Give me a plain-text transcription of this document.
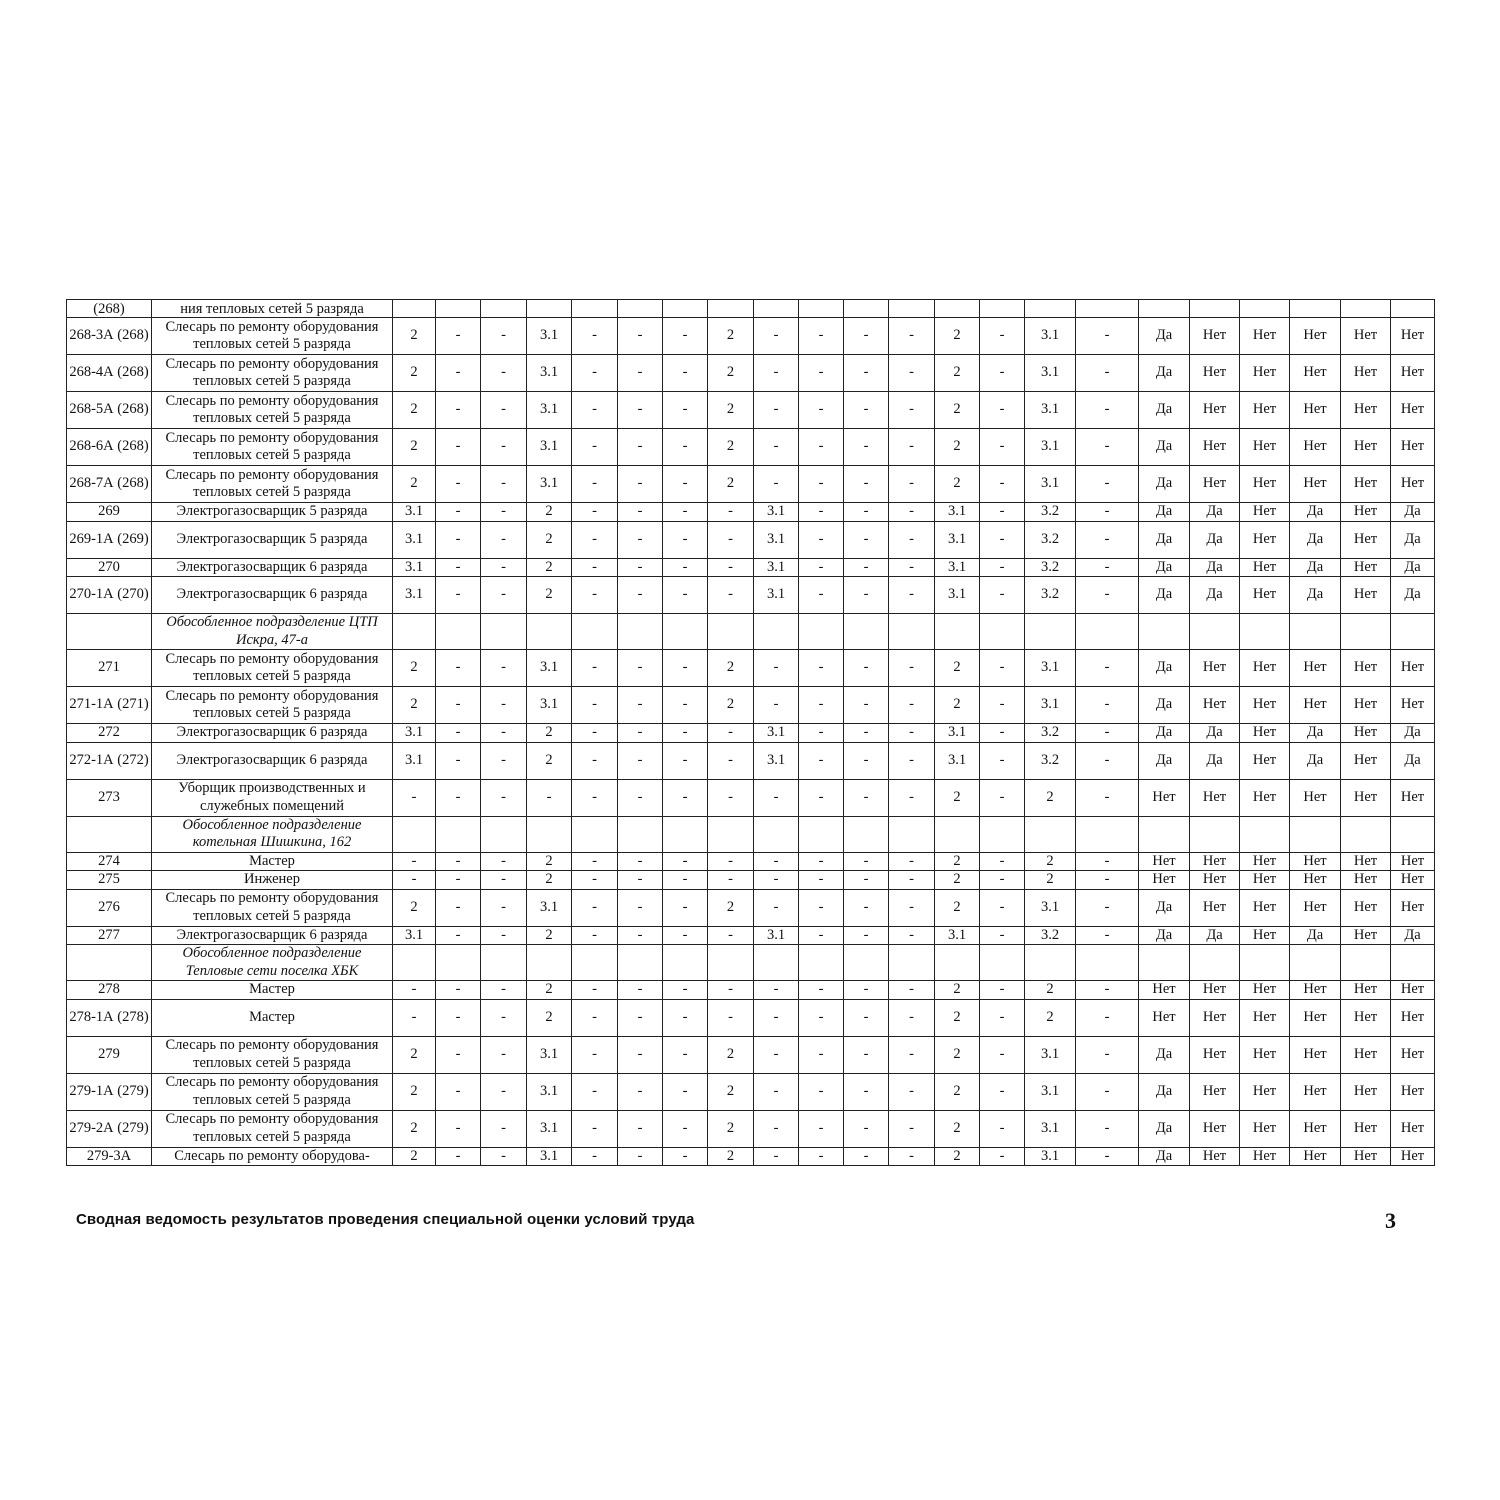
(268)	ния тепловых сетей 5 разряда																						
268-3А (268)	Слесарь по ремонту оборудования тепловых сетей 5 разряда	2	-	-	3.1	-	-	-	2	-	-	-	-	2	-	3.1	-	Да	Нет	Нет	Нет	Нет	Нет
268-4А (268)	Слесарь по ремонту оборудования тепловых сетей 5 разряда	2	-	-	3.1	-	-	-	2	-	-	-	-	2	-	3.1	-	Да	Нет	Нет	Нет	Нет	Нет
268-5А (268)	Слесарь по ремонту оборудования тепловых сетей 5 разряда	2	-	-	3.1	-	-	-	2	-	-	-	-	2	-	3.1	-	Да	Нет	Нет	Нет	Нет	Нет
268-6А (268)	Слесарь по ремонту оборудования тепловых сетей 5 разряда	2	-	-	3.1	-	-	-	2	-	-	-	-	2	-	3.1	-	Да	Нет	Нет	Нет	Нет	Нет
268-7А (268)	Слесарь по ремонту оборудования тепловых сетей 5 разряда	2	-	-	3.1	-	-	-	2	-	-	-	-	2	-	3.1	-	Да	Нет	Нет	Нет	Нет	Нет
269	Электрогазосварщик 5 разряда	3.1	-	-	2	-	-	-	-	3.1	-	-	-	3.1	-	3.2	-	Да	Да	Нет	Да	Нет	Да
269-1А (269)	Электрогазосварщик 5 разряда	3.1	-	-	2	-	-	-	-	3.1	-	-	-	3.1	-	3.2	-	Да	Да	Нет	Да	Нет	Да
270	Электрогазосварщик 6 разряда	3.1	-	-	2	-	-	-	-	3.1	-	-	-	3.1	-	3.2	-	Да	Да	Нет	Да	Нет	Да
270-1А (270)	Электрогазосварщик 6 разряда	3.1	-	-	2	-	-	-	-	3.1	-	-	-	3.1	-	3.2	-	Да	Да	Нет	Да	Нет	Да
	Обособленное подразделение ЦТП Искра, 47-а																						
271	Слесарь по ремонту оборудования тепловых сетей 5 разряда	2	-	-	3.1	-	-	-	2	-	-	-	-	2	-	3.1	-	Да	Нет	Нет	Нет	Нет	Нет
271-1А (271)	Слесарь по ремонту оборудования тепловых сетей 5 разряда	2	-	-	3.1	-	-	-	2	-	-	-	-	2	-	3.1	-	Да	Нет	Нет	Нет	Нет	Нет
272	Электрогазосварщик 6 разряда	3.1	-	-	2	-	-	-	-	3.1	-	-	-	3.1	-	3.2	-	Да	Да	Нет	Да	Нет	Да
272-1А (272)	Электрогазосварщик 6 разряда	3.1	-	-	2	-	-	-	-	3.1	-	-	-	3.1	-	3.2	-	Да	Да	Нет	Да	Нет	Да
273	Уборщик производственных и служебных помещений	-	-	-	-	-	-	-	-	-	-	-	-	2	-	2	-	Нет	Нет	Нет	Нет	Нет	Нет
	Обособленное подразделение котельная Шишкина, 162																						
274	Мастер	-	-	-	2	-	-	-	-	-	-	-	-	2	-	2	-	Нет	Нет	Нет	Нет	Нет	Нет
275	Инженер	-	-	-	2	-	-	-	-	-	-	-	-	2	-	2	-	Нет	Нет	Нет	Нет	Нет	Нет
276	Слесарь по ремонту оборудования тепловых сетей 5 разряда	2	-	-	3.1	-	-	-	2	-	-	-	-	2	-	3.1	-	Да	Нет	Нет	Нет	Нет	Нет
277	Электрогазосварщик 6 разряда	3.1	-	-	2	-	-	-	-	3.1	-	-	-	3.1	-	3.2	-	Да	Да	Нет	Да	Нет	Да
	Обособленное подразделение Тепловые сети поселка ХБК																						
278	Мастер	-	-	-	2	-	-	-	-	-	-	-	-	2	-	2	-	Нет	Нет	Нет	Нет	Нет	Нет
278-1А (278)	Мастер	-	-	-	2	-	-	-	-	-	-	-	-	2	-	2	-	Нет	Нет	Нет	Нет	Нет	Нет
279	Слесарь по ремонту оборудования тепловых сетей 5 разряда	2	-	-	3.1	-	-	-	2	-	-	-	-	2	-	3.1	-	Да	Нет	Нет	Нет	Нет	Нет
279-1А (279)	Слесарь по ремонту оборудования тепловых сетей 5 разряда	2	-	-	3.1	-	-	-	2	-	-	-	-	2	-	3.1	-	Да	Нет	Нет	Нет	Нет	Нет
279-2А (279)	Слесарь по ремонту оборудования тепловых сетей 5 разряда	2	-	-	3.1	-	-	-	2	-	-	-	-	2	-	3.1	-	Да	Нет	Нет	Нет	Нет	Нет
279-3А	Слесарь по ремонту оборудова-	2	-	-	3.1	-	-	-	2	-	-	-	-	2	-	3.1	-	Да	Нет	Нет	Нет	Нет	Нет
Сводная ведомость результатов проведения специальной оценки условий труда	3
